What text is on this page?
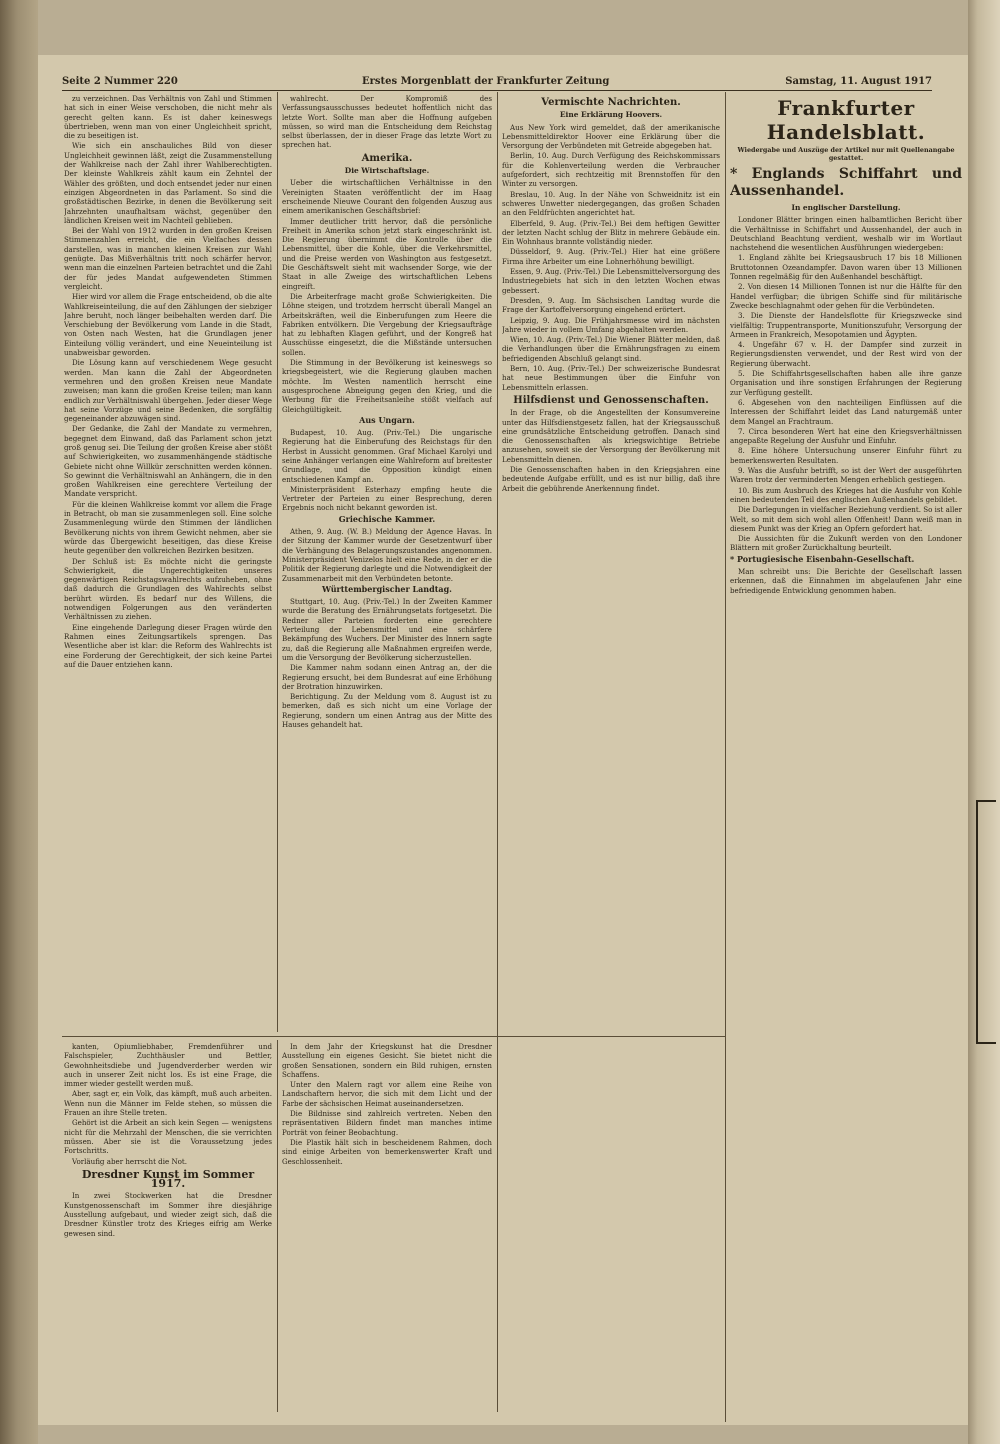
Seite 2 Nummer 220	Erstes Morgenblatt der Frankfurter Zeitung	Samstag, 11. August 1917

zu verzeichnen. Das Verhältnis von Zahl und Stimmen hat sich in einer Weise verschoben, die nicht mehr als gerecht gelten kann. Es ist daher keineswegs übertrieben, wenn man von einer Ungleichheit spricht, die zu beseitigen ist.

Wie sich ein anschauliches Bild von dieser Ungleichheit gewinnen läßt, zeigt die Zusammenstellung der Wahlkreise nach der Zahl ihrer Wahlberechtigten. Der kleinste Wahlkreis zählt kaum ein Zehntel der Wähler des größten, und doch entsendet jeder nur einen einzigen Abgeordneten in das Parlament. So sind die großstädtischen Bezirke, in denen die Bevölkerung seit Jahrzehnten unaufhaltsam wächst, gegenüber den ländlichen Kreisen weit im Nachteil geblieben.

Bei der Wahl von 1912 wurden in den großen Kreisen Stimmenzahlen erreicht, die ein Vielfaches dessen darstellen, was in manchen kleinen Kreisen zur Wahl genügte. Das Mißverhältnis tritt noch schärfer hervor, wenn man die einzelnen Parteien betrachtet und die Zahl der für jedes Mandat aufgewendeten Stimmen vergleicht.

Hier wird vor allem die Frage entscheidend, ob die alte Wahlkreiseinteilung, die auf den Zählungen der siebziger Jahre beruht, noch länger beibehalten werden darf. Die Verschiebung der Bevölkerung vom Lande in die Stadt, von Osten nach Westen, hat die Grundlagen jener Einteilung völlig verändert, und eine Neueinteilung ist unabweisbar geworden.

Die Lösung kann auf verschiedenem Wege gesucht werden. Man kann die Zahl der Abgeordneten vermehren und den großen Kreisen neue Mandate zuweisen; man kann die großen Kreise teilen; man kann endlich zur Verhältniswahl übergehen. Jeder dieser Wege hat seine Vorzüge und seine Bedenken, die sorgfältig gegeneinander abzuwägen sind.

Der Gedanke, die Zahl der Mandate zu vermehren, begegnet dem Einwand, daß das Parlament schon jetzt groß genug sei. Die Teilung der großen Kreise aber stößt auf Schwierigkeiten, wo zusammenhängende städtische Gebiete nicht ohne Willkür zerschnitten werden können. So gewinnt die Verhältniswahl an Anhängern, die in den großen Wahlkreisen eine gerechtere Verteilung der Mandate verspricht.

Für die kleinen Wahlkreise kommt vor allem die Frage in Betracht, ob man sie zusammenlegen soll. Eine solche Zusammenlegung würde den Stimmen der ländlichen Bevölkerung nichts von ihrem Gewicht nehmen, aber sie würde das Übergewicht beseitigen, das diese Kreise heute gegenüber den volkreichen Bezirken besitzen.

Der Schluß ist: Es möchte nicht die geringste Schwierigkeit, die Ungerechtigkeiten unseres gegenwärtigen Reichstagswahlrechts aufzuheben, ohne daß dadurch die Grundlagen des Wahlrechts selbst berührt würden. Es bedarf nur des Willens, die notwendigen Folgerungen aus den veränderten Verhältnissen zu ziehen.

Eine eingehende Darlegung dieser Fragen würde den Rahmen eines Zeitungsartikels sprengen. Das Wesentliche aber ist klar: die Reform des Wahlrechts ist eine Forderung der Gerechtigkeit, der sich keine Partei auf die Dauer entziehen kann.

wahlrecht. Der Kompromiß des Verfassungsausschusses bedeutet hoffentlich nicht das letzte Wort. Sollte man aber die Hoffnung aufgeben müssen, so wird man die Entscheidung dem Reichstag selbst überlassen, der in dieser Frage das letzte Wort zu sprechen hat.

Amerika.
Die Wirtschaftslage.

Ueber die wirtschaftlichen Verhältnisse in den Vereinigten Staaten veröffentlicht der im Haag erscheinende Nieuwe Courant den folgenden Auszug aus einem amerikanischen Geschäftsbrief:

Immer deutlicher tritt hervor, daß die persönliche Freiheit in Amerika schon jetzt stark eingeschränkt ist. Die Regierung übernimmt die Kontrolle über die Lebensmittel, über die Kohle, über die Verkehrsmittel, und die Preise werden von Washington aus festgesetzt. Die Geschäftswelt sieht mit wachsender Sorge, wie der Staat in alle Zweige des wirtschaftlichen Lebens eingreift.

Die Arbeiterfrage macht große Schwierigkeiten. Die Löhne steigen, und trotzdem herrscht überall Mangel an Arbeitskräften, weil die Einberufungen zum Heere die Fabriken entvölkern. Die Vergebung der Kriegsaufträge hat zu lebhaften Klagen geführt, und der Kongreß hat Ausschüsse eingesetzt, die die Mißstände untersuchen sollen.

Die Stimmung in der Bevölkerung ist keineswegs so kriegsbegeistert, wie die Regierung glauben machen möchte. Im Westen namentlich herrscht eine ausgesprochene Abneigung gegen den Krieg, und die Werbung für die Freiheitsanleihe stößt vielfach auf Gleichgültigkeit.

Aus Ungarn.

Budapest, 10. Aug. (Priv.-Tel.) Die ungarische Regierung hat die Einberufung des Reichstags für den Herbst in Aussicht genommen. Graf Michael Karolyi und seine Anhänger verlangen eine Wahlreform auf breitester Grundlage, und die Opposition kündigt einen entschiedenen Kampf an.

Ministerpräsident Esterhazy empfing heute die Vertreter der Parteien zu einer Besprechung, deren Ergebnis noch nicht bekannt geworden ist.

Griechische Kammer.

Athen, 9. Aug. (W. B.) Meldung der Agence Havas. In der Sitzung der Kammer wurde der Gesetzentwurf über die Verhängung des Belagerungszustandes angenommen. Ministerpräsident Venizelos hielt eine Rede, in der er die Politik der Regierung darlegte und die Notwendigkeit der Zusammenarbeit mit den Verbündeten betonte.

Württembergischer Landtag.

Stuttgart, 10. Aug. (Priv.-Tel.) In der Zweiten Kammer wurde die Beratung des Ernährungsetats fortgesetzt. Die Redner aller Parteien forderten eine gerechtere Verteilung der Lebensmittel und eine schärfere Bekämpfung des Wuchers. Der Minister des Innern sagte zu, daß die Regierung alle Maßnahmen ergreifen werde, um die Versorgung der Bevölkerung sicherzustellen.

Die Kammer nahm sodann einen Antrag an, der die Regierung ersucht, bei dem Bundesrat auf eine Erhöhung der Brotration hinzuwirken.

Berichtigung. Zu der Meldung vom 8. August ist zu bemerken, daß es sich nicht um eine Vorlage der Regierung, sondern um einen Antrag aus der Mitte des Hauses gehandelt hat.

Vermischte Nachrichten.
Eine Erklärung Hoovers.

Aus New York wird gemeldet, daß der amerikanische Lebensmitteldirektor Hoover eine Erklärung über die Versorgung der Verbündeten mit Getreide abgegeben hat.

Berlin, 10. Aug. Durch Verfügung des Reichskommissars für die Kohlenverteilung werden die Verbraucher aufgefordert, sich rechtzeitig mit Brennstoffen für den Winter zu versorgen.

Breslau, 10. Aug. In der Nähe von Schweidnitz ist ein schweres Unwetter niedergegangen, das großen Schaden an den Feldfrüchten angerichtet hat.

Elberfeld, 9. Aug. (Priv.-Tel.) Bei dem heftigen Gewitter der letzten Nacht schlug der Blitz in mehrere Gebäude ein. Ein Wohnhaus brannte vollständig nieder.

Düsseldorf, 9. Aug. (Priv.-Tel.) Hier hat eine größere Firma ihre Arbeiter um eine Lohnerhöhung bewilligt.

Essen, 9. Aug. (Priv.-Tel.) Die Lebensmittelversorgung des Industriegebiets hat sich in den letzten Wochen etwas gebessert.

Dresden, 9. Aug. Im Sächsischen Landtag wurde die Frage der Kartoffelversorgung eingehend erörtert.

Leipzig, 9. Aug. Die Frühjahrsmesse wird im nächsten Jahre wieder in vollem Umfang abgehalten werden.

Wien, 10. Aug. (Priv.-Tel.) Die Wiener Blätter melden, daß die Verhandlungen über die Ernährungsfragen zu einem befriedigenden Abschluß gelangt sind.

Bern, 10. Aug. (Priv.-Tel.) Der schweizerische Bundesrat hat neue Bestimmungen über die Einfuhr von Lebensmitteln erlassen.

Hilfsdienst und Genossenschaften.

In der Frage, ob die Angestellten der Konsumvereine unter das Hilfsdienstgesetz fallen, hat der Kriegsausschuß eine grundsätzliche Entscheidung getroffen. Danach sind die Genossenschaften als kriegswichtige Betriebe anzusehen, soweit sie der Versorgung der Bevölkerung mit Lebensmitteln dienen.

Die Genossenschaften haben in den Kriegsjahren eine bedeutende Aufgabe erfüllt, und es ist nur billig, daß ihre Arbeit die gebührende Anerkennung findet.

Frankfurter Handelsblatt.
Wiedergabe und Auszüge der Artikel nur mit Quellenangabe gestattet.
* Englands Schiffahrt und Aussenhandel.
In englischer Darstellung.

Londoner Blätter bringen einen halbamtlichen Bericht über die Verhältnisse in Schiffahrt und Aussenhandel, der auch in Deutschland Beachtung verdient, weshalb wir im Wortlaut nachstehend die wesentlichen Ausführungen wiedergeben:

1. England zählte bei Kriegsausbruch 17 bis 18 Millionen Bruttotonnen Ozeandampfer. Davon waren über 13 Millionen Tonnen regelmäßig für den Außenhandel beschäftigt.

2. Von diesen 14 Millionen Tonnen ist nur die Hälfte für den Handel verfügbar; die übrigen Schiffe sind für militärische Zwecke beschlagnahmt oder gehen für die Verbündeten.

3. Die Dienste der Handelsflotte für Kriegszwecke sind vielfältig: Truppentransporte, Munitionszufuhr, Versorgung der Armeen in Frankreich, Mesopotamien und Ägypten.

4. Ungefähr 67 v. H. der Dampfer sind zurzeit in Regierungsdiensten verwendet, und der Rest wird von der Regierung überwacht.

5. Die Schiffahrtsgesellschaften haben alle ihre ganze Organisation und ihre sonstigen Erfahrungen der Regierung zur Verfügung gestellt.

6. Abgesehen von den nachteiligen Einflüssen auf die Interessen der Schiffahrt leidet das Land naturgemäß unter dem Mangel an Frachtraum.

7. Circa besonderen Wert hat eine den Kriegsverhältnissen angepaßte Regelung der Ausfuhr und Einfuhr.

8. Eine höhere Untersuchung unserer Einfuhr führt zu bemerkenswerten Resultaten.

9. Was die Ausfuhr betrifft, so ist der Wert der ausgeführten Waren trotz der verminderten Mengen erheblich gestiegen.

10. Bis zum Ausbruch des Krieges hat die Ausfuhr von Kohle einen bedeutenden Teil des englischen Außenhandels gebildet.

Die Darlegungen in vielfacher Beziehung verdient. So ist aller Welt, so mit dem sich wohl allen Offenheit! Dann weiß man in diesem Punkt was der Krieg an Opfern gefordert hat.

Die Aussichten für die Zukunft werden von den Londoner Blättern mit großer Zurückhaltung beurteilt.

* Portugiesische Eisenbahn-Gesellschaft.

Man schreibt uns: Die Berichte der Gesellschaft lassen erkennen, daß die Einnahmen im abgelaufenen Jahr eine befriedigende Entwicklung genommen haben.

kanten, Opiumliebhaber, Fremdenführer und Falschspieler, Zuchthäusler und Bettler, Gewohnheitsdiebe und Jugendverderber werden wir auch in unserer Zeit nicht los. Es ist eine Frage, die immer wieder gestellt werden muß.

Aber, sagt er, ein Volk, das kämpft, muß auch arbeiten. Wenn nun die Männer im Felde stehen, so müssen die Frauen an ihre Stelle treten.

Gehört ist die Arbeit an sich kein Segen — wenigstens nicht für die Mehrzahl der Menschen, die sie verrichten müssen. Aber sie ist die Voraussetzung jedes Fortschritts.

Vorläufig aber herrscht die Not.

Dresdner Kunst im Sommer 1917.

In zwei Stockwerken hat die Dresdner Kunstgenossenschaft im Sommer ihre diesjährige Ausstellung aufgebaut, und wieder zeigt sich, daß die Dresdner Künstler trotz des Krieges eifrig am Werke gewesen sind.

In dem Jahr der Kriegskunst hat die Dresdner Ausstellung ein eigenes Gesicht. Sie bietet nicht die großen Sensationen, sondern ein Bild ruhigen, ernsten Schaffens.

Unter den Malern ragt vor allem eine Reihe von Landschaftern hervor, die sich mit dem Licht und der Farbe der sächsischen Heimat auseinandersetzen.

Die Bildnisse sind zahlreich vertreten. Neben den repräsentativen Bildern findet man manches intime Porträt von feiner Beobachtung.

Die Plastik hält sich in bescheidenem Rahmen, doch sind einige Arbeiten von bemerkenswerter Kraft und Geschlossenheit.
